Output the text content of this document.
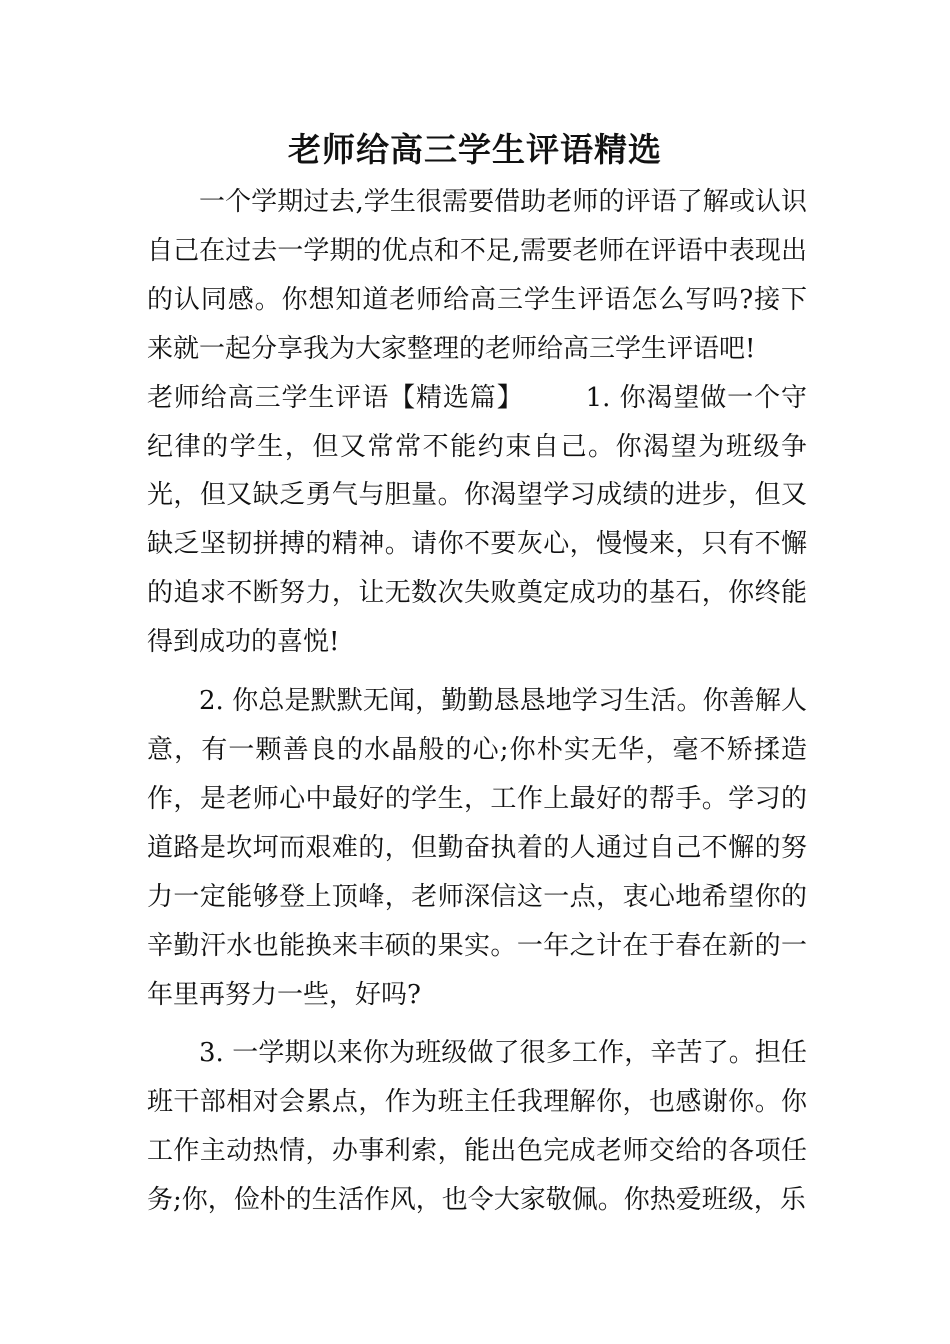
老师给高三学生评语精选

一个学期过去,学生很需要借助老师的评语了解或认识自己在过去一学期的优点和不足,需要老师在评语中表现出的认同感。你想知道老师给高三学生评语怎么写吗?接下来就一起分享我为大家整理的老师给高三学生评语吧!

老师给高三学生评语【精选篇】 1. 你渴望做一个守纪律的学生，但又常常不能约束自己。你渴望为班级争光，但又缺乏勇气与胆量。你渴望学习成绩的进步，但又缺乏坚韧拼搏的精神。请你不要灰心，慢慢来，只有不懈的追求不断努力，让无数次失败奠定成功的基石，你终能得到成功的喜悦!

2. 你总是默默无闻，勤勤恳恳地学习生活。你善解人意，有一颗善良的水晶般的心;你朴实无华，毫不矫揉造作，是老师心中最好的学生，工作上最好的帮手。学习的道路是坎坷而艰难的，但勤奋执着的人通过自己不懈的努力一定能够登上顶峰，老师深信这一点，衷心地希望你的辛勤汗水也能换来丰硕的果实。一年之计在于春在新的一年里再努力一些，好吗?

3. 一学期以来你为班级做了很多工作，辛苦了。担任班干部相对会累点，作为班主任我理解你，也感谢你。你工作主动热情，办事利索，能出色完成老师交给的各项任务;你，俭朴的生活作风，也令大家敬佩。你热爱班级，乐
